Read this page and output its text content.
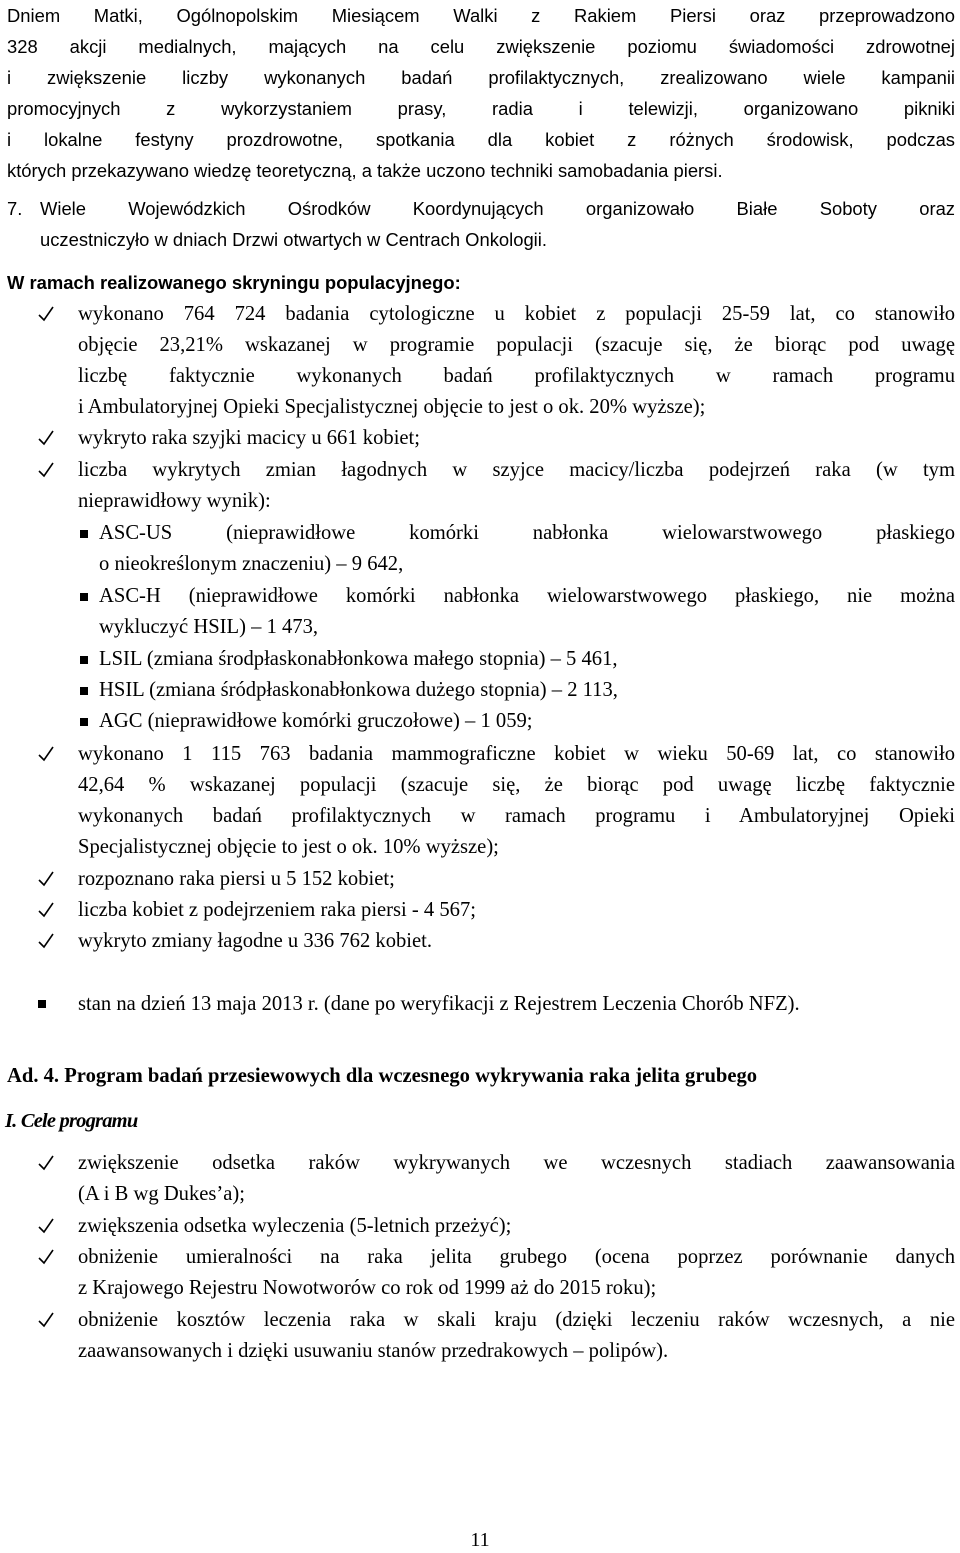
Dniem Matki, Ogólnopolskim Miesiącem Walki z Rakiem Piersi oraz przeprowadzono
328 akcji medialnych, mających na celu zwiększenie poziomu świadomości zdrowotnej
i zwiększenie liczby wykonanych badań profilaktycznych, zrealizowano wiele kampanii
promocyjnych z wykorzystaniem prasy, radia i telewizji, organizowano pikniki
i lokalne festyny prozdrowotne, spotkania dla kobiet z różnych środowisk, podczas
których przekazywano wiedzę teoretyczną, a także uczono techniki samobadania piersi.
7. Wiele Wojewódzkich Ośrodków Koordynujących organizowało Białe Soboty oraz
uczestniczyło w dniach Drzwi otwartych w Centrach Onkologii.
W ramach realizowanego skryningu populacyjnego:
wykonano 764 724 badania cytologiczne u kobiet z populacji 25-59 lat, co stanowiło
objęcie 23,21% wskazanej w programie populacji (szacuje się, że biorąc pod uwagę
liczbę faktycznie wykonanych badań profilaktycznych w ramach programu
i Ambulatoryjnej Opieki Specjalistycznej objęcie to jest o ok. 20% wyższe);
wykryto raka szyjki macicy u 661 kobiet;
liczba wykrytych zmian łagodnych w szyjce macicy/liczba podejrzeń raka (w tym
nieprawidłowy wynik):
ASC-US (nieprawidłowe komórki nabłonka wielowarstwowego płaskiego
o nieokreślonym znaczeniu) – 9 642,
ASC-H (nieprawidłowe komórki nabłonka wielowarstwowego płaskiego, nie można
wykluczyć HSIL) – 1 473,
LSIL (zmiana środpłaskonabłonkowa małego stopnia) – 5 461,
HSIL (zmiana śródpłaskonabłonkowa dużego stopnia) – 2 113,
AGC (nieprawidłowe komórki gruczołowe) – 1 059;
wykonano 1 115 763 badania mammograficzne kobiet w wieku 50-69 lat, co stanowiło
42,64 % wskazanej populacji (szacuje się, że biorąc pod uwagę liczbę faktycznie
wykonanych badań profilaktycznych w ramach programu i Ambulatoryjnej Opieki
Specjalistycznej objęcie to jest o ok. 10% wyższe);
rozpoznano raka piersi u 5 152 kobiet;
liczba kobiet z podejrzeniem raka piersi - 4 567;
wykryto zmiany łagodne u 336 762 kobiet.
stan na dzień 13 maja 2013 r. (dane po weryfikacji z Rejestrem Leczenia Chorób NFZ).
Ad. 4. Program badań przesiewowych dla wczesnego wykrywania raka jelita grubego
I. Cele programu
zwiększenie odsetka raków wykrywanych we wczesnych stadiach zaawansowania
(A i B wg Dukes’a);
zwiększenia odsetka wyleczenia (5-letnich przeżyć);
obniżenie umieralności na raka jelita grubego (ocena poprzez porównanie danych
z Krajowego Rejestru Nowotworów co rok od 1999 aż do 2015 roku);
obniżenie kosztów leczenia raka w skali kraju (dzięki leczeniu raków wczesnych, a nie
zaawansowanych i dzięki usuwaniu stanów przedrakowych – polipów).
11
